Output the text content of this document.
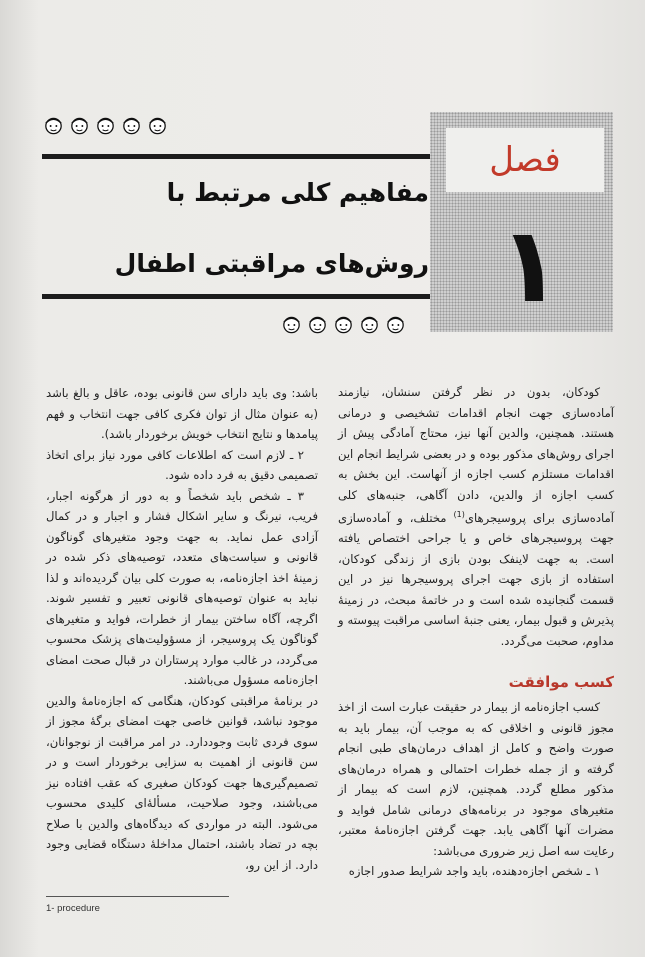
فصل
۱
مفاهیم کلی مرتبط با
روش‌های مراقبتی اطفال

کودکان، بدون در نظر گرفتن سنشان، نیازمند آماده‌سازی جهت انجام اقدامات تشخیصی و درمانی هستند. همچنین، والدین آنها نیز، محتاج آمادگی پیش از اجرای روش‌های مذکور بوده و در بعضی شرایط انجام این اقدامات مستلزم کسب اجازه از آنهاست. این بخش به کسب اجازه از والدین، دادن آگاهی، جنبه‌های کلی آماده‌سازی برای پروسیجرهای$^{(1)}$ مختلف، و آماده‌سازی جهت پروسیجرهای خاص و یا جراحی اختصاص یافته است. به جهت لاینفک بودن بازی از زندگی کودکان، استفاده از بازی جهت اجرای پروسیجرها نیز در این قسمت گنجانیده شده است و در خاتمهٔ مبحث، در زمینهٔ پذیرش و قبول بیمار، یعنی جنبهٔ اساسی مراقبت پیوسته و مداوم، صحبت می‌گردد.

کسب موافقت

کسب اجازه‌نامه از بیمار در حقیقت عبارت است از اخذ مجوز قانونی و اخلاقی که به موجب آن، بیمار باید به صورت واضح و کامل از اهداف درمان‌های طبی انجام گرفته و از جمله خطرات احتمالی و همراه درمان‌های مذکور مطلع گردد. همچنین، لازم است که بیمار از متغیرهای موجود در برنامه‌های درمانی شامل فواید و مضرات آنها آگاهی یابد. جهت گرفتن اجازه‌نامهٔ معتبر، رعایت سه اصل زیر ضروری می‌باشد:

۱ ـ شخص اجازه‌دهنده، باید واجد شرایط صدور اجازه

باشد: وی باید دارای سن قانونی بوده، عاقل و بالغ باشد (به عنوان مثال از توان فکری کافی جهت انتخاب و فهم پیامدها و نتایج انتخاب خویش برخوردار باشد).

۲ ـ لازم است که اطلاعات کافی مورد نیاز برای اتخاذ تصمیمی دقیق به فرد داده شود.

۳ ـ شخص باید شخصاً و به دور از هرگونه اجبار، فریب، نیرنگ و سایر اشکال فشار و اجبار و در کمال آزادی عمل نماید. به جهت وجود متغیرهای گوناگون قانونی و سیاست‌های متعدد، توصیه‌های ذکر شده در زمینهٔ اخذ اجازه‌نامه، به صورت کلی بیان گردیده‌اند و لذا نباید به عنوان توصیه‌های قانونی تعبیر و تفسیر شوند. اگرچه، آگاه ساختن بیمار از خطرات، فواید و متغیرهای گوناگون یک پروسیجر، از مسؤولیت‌های پزشک محسوب می‌گردد، در غالب موارد پرستاران در قبال صحت امضای اجازه‌نامه مسؤول می‌باشند.

در برنامهٔ مراقبتی کودکان، هنگامی که اجازه‌نامهٔ والدین موجود نباشد، قوانین خاصی جهت امضای برگهٔ مجوز از سوی فردی ثابت وجوددارد. در امر مراقبت از نوجوانان، سن قانونی از اهمیت به سزایی برخوردار است و در تصمیم‌گیری‌ها جهت کودکان صغیری که عقب افتاده نیز می‌باشند، وجود صلاحیت، مسألهٔ‌ای کلیدی محسوب می‌شود. البته در مواردی که دیدگاه‌های والدین با صلاح بچه در تضاد باشند، احتمال مداخلهٔ دستگاه قضایی وجود دارد. از این رو،

1- procedure
